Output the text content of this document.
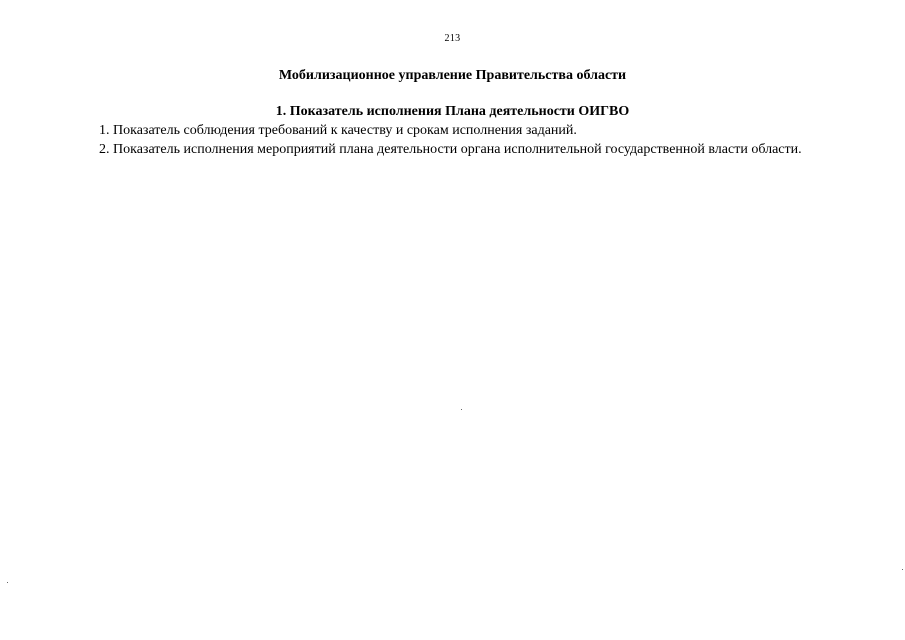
213
Мобилизационное управление Правительства области
1. Показатель исполнения Плана деятельности ОИГВО
1. Показатель соблюдения требований к качеству и срокам исполнения заданий.
2. Показатель исполнения мероприятий плана деятельности органа исполнительной государственной власти области.
